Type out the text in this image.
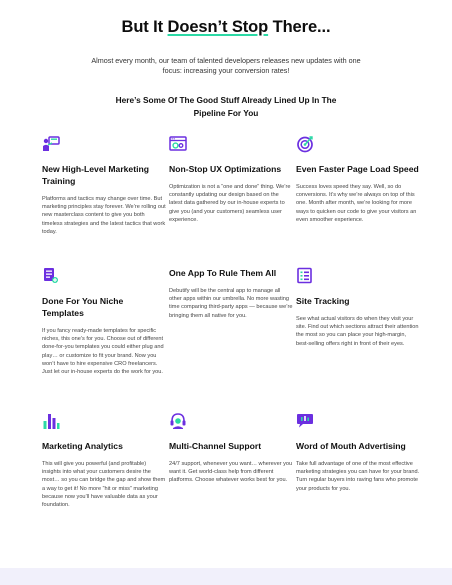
But It Doesn’t Stop There...

Almost every month, our team of talented developers releases new updates with one focus: increasing your conversion rates!

Here’s Some Of The Good Stuff Already Lined Up In The Pipeline For You
New High-Level Marketing Training
Platforms and tactics may change over time. But marketing principles stay forever. We’re rolling out new masterclass content to give you both timeless strategies and the latest tactics that work today.
Non-Stop UX Optimizations
Optimization is not a “one and done” thing. We’re constantly updating our design based on the latest data gathered by our in-house experts to give you (and your customers) seamless user experience.
Even Faster Page Load Speed
Success loves speed they say. Well, so do conversions. It’s why we’re always on top of this one. Month after month, we’re looking for more ways to quicken our code to give your visitors an even smoother experience.
Done For You Niche Templates
If you fancy ready-made templates for specific niches, this one’s for you. Choose out of different done-for-you templates you could either plug and play… or customize to fit your brand. Now you won’t have to hire expensive CRO freelancers. Just let our in-house experts do the work for you.
One App To Rule Them All
Debutify will be the central app to manage all other apps within our umbrella. No more wasting time comparing third-party apps — because we’re bringing them all native for you.
Site Tracking
See what actual visitors do when they visit your site. Find out which sections attract their attention the most so you can place your high-margin, best-selling offers right in front of their eyes.
Marketing Analytics
This will give you powerful (and profitable) insights into what your customers desire the most… so you can bridge the gap and show them a way to get it! No more “hit or miss” marketing because now you’ll have valuable data as your foundation.
Multi-Channel Support
24/7 support, whenever you want… wherever you want it. Get world-class help from different platforms. Choose whatever works best for you.
Word of Mouth Advertising
Take full advantage of one of the most effective marketing strategies you can have for your brand. Turn regular buyers into raving fans who promote your products for you.
